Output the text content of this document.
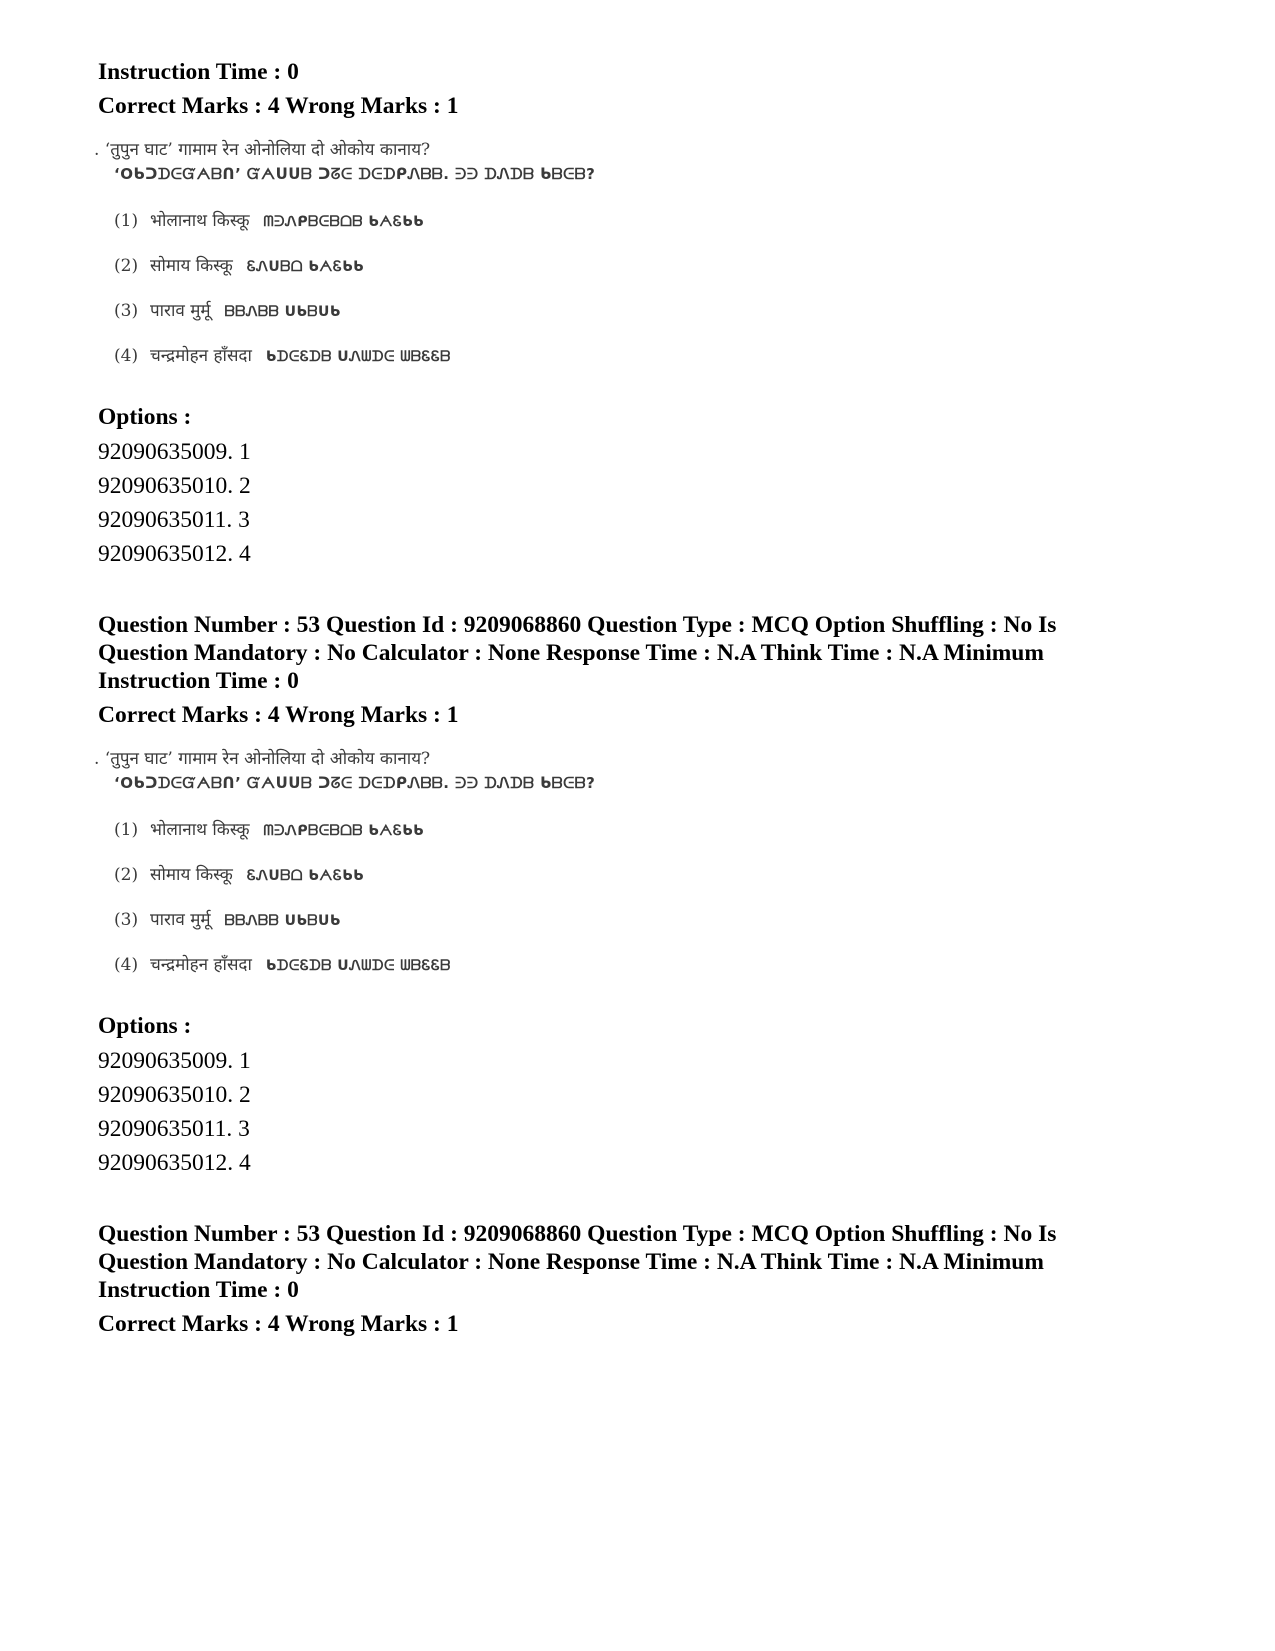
Instruction Time : 0
Correct Marks : 4 Wrong Marks : 1
. ‘तुपुन घाट’ गामाम रेन ओनोलिया दो ओकोय कानाय?
‘OᑲᑐᗪᕮᏳᗅᗷᑎ’ Ᏻᗅᑌᑌᗷ ᑐᘔᕮ ᗪᕮᗪᑭᏁᗷᗷ. ᕭᕭ ᗪᏁᗪᗷ ᑲᗷᕮᗷ?
(1) भोलानाथ किस्कू ᗰᕭᏁᑭᗷᕮᗷᗝᗷ ᑲᗅᏋᑲᑲ
(2) सोमाय किस्कू ᏋᏁᑌᗷᗝ ᑲᗅᏋᑲᑲ
(3) पाराव मुर्मू ᗷᗷᏁᗷᗷ ᑌᑲᗷᑌᑲ
(4) चन्द्रमोहन हाँसदा ᑲᗪᕮᏋᗪᗷ ᑌᏁᗯᗪᕮ ᗯᗷᏋᏋᗷ
Options :
92090635009. 1
92090635010. 2
92090635011. 3
92090635012. 4
Question Number : 53 Question Id : 9209068860 Question Type : MCQ Option Shuffling : No Is Question Mandatory : No Calculator : None Response Time : N.A Think Time : N.A Minimum Instruction Time : 0
Correct Marks : 4 Wrong Marks : 1
. ‘तुपुन घाट’ गामाम रेन ओनोलिया दो ओकोय कानाय?
‘OᑲᑐᗪᕮᏳᗅᗷᑎ’ Ᏻᗅᑌᑌᗷ ᑐᘔᕮ ᗪᕮᗪᑭᏁᗷᗷ. ᕭᕭ ᗪᏁᗪᗷ ᑲᗷᕮᗷ?
(1) भोलानाथ किस्कू ᗰᕭᏁᑭᗷᕮᗷᗝᗷ ᑲᗅᏋᑲᑲ
(2) सोमाय किस्कू ᏋᏁᑌᗷᗝ ᑲᗅᏋᑲᑲ
(3) पाराव मुर्मू ᗷᗷᏁᗷᗷ ᑌᑲᗷᑌᑲ
(4) चन्द्रमोहन हाँसदा ᑲᗪᕮᏋᗪᗷ ᑌᏁᗯᗪᕮ ᗯᗷᏋᏋᗷ
Options :
92090635009. 1
92090635010. 2
92090635011. 3
92090635012. 4
Question Number : 53 Question Id : 9209068860 Question Type : MCQ Option Shuffling : No Is Question Mandatory : No Calculator : None Response Time : N.A Think Time : N.A Minimum Instruction Time : 0
Correct Marks : 4 Wrong Marks : 1
